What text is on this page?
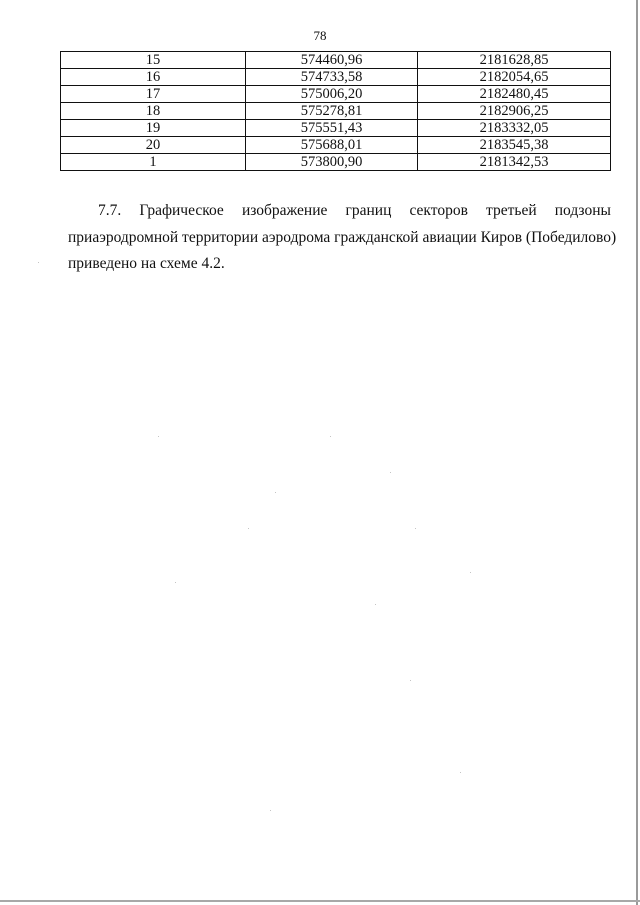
78
15	574460,96	2181628,85
16	574733,58	2182054,65
17	575006,20	2182480,45
18	575278,81	2182906,25
19	575551,43	2183332,05
20	575688,01	2183545,38
1	573800,90	2181342,53
7.7. Графическое изображение границ секторов третьей подзоны
приаэродромной территории аэродрома гражданской авиации Киров (Победилово)
приведено на схеме 4.2.
